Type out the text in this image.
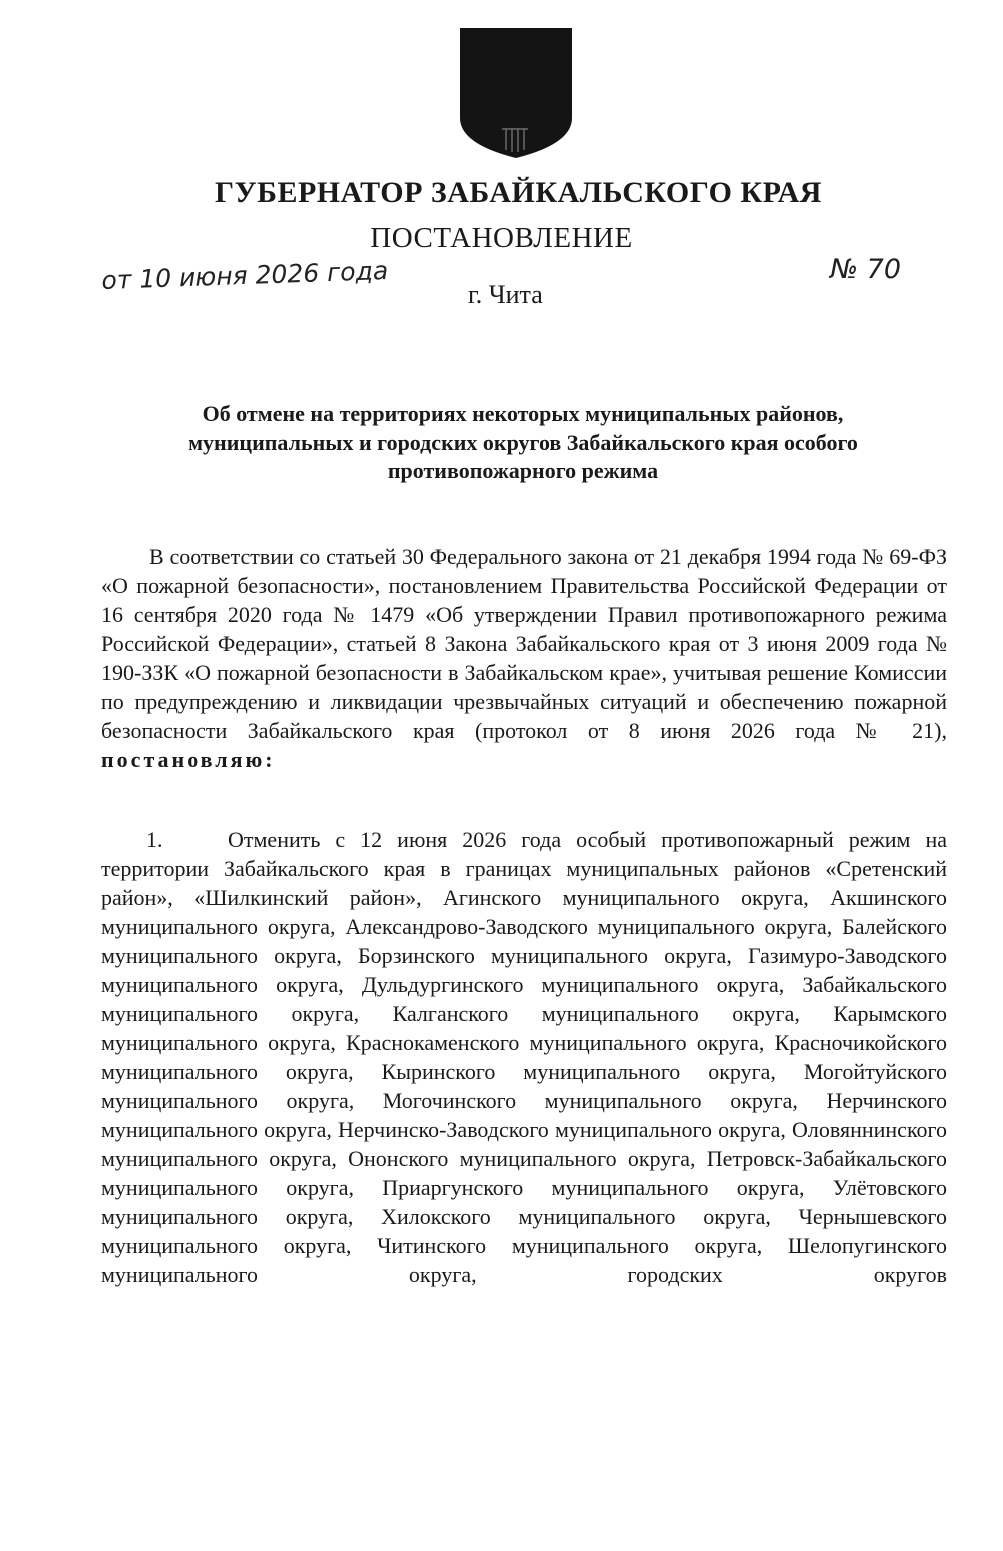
ГУБЕРНАТОР ЗАБАЙКАЛЬСКОГО КРАЯ
ПОСТАНОВЛЕНИЕ
от 10 июня 2026 года	г. Чита
№ 70
Об отмене на территориях некоторых муниципальных районов,
муниципальных и городских округов Забайкальского края особого
противопожарного режима
В соответствии со статьей 30 Федерального закона от 21 декабря 1994 года № 69-ФЗ «О пожарной безопасности», постановлением Правительства Российской Федерации от 16 сентября 2020 года № 1479 «Об утверждении Правил противопожарного режима Российской Федерации», статьей 8 Закона Забайкальского края от 3 июня 2009 года № 190-ЗЗК «О пожарной безопасности в Забайкальском крае», учитывая решение Комиссии по предупреждению и ликвидации чрезвычайных ситуаций и обеспечению пожарной безопасности Забайкальского края (протокол от 8 июня 2026 года № 21), постановляю:
1.	Отменить с 12 июня 2026 года особый противопожарный режим на территории Забайкальского края в границах муниципальных районов «Сретенский район», «Шилкинский район», Агинского муниципального округа, Акшинского муниципального округа, Александрово-Заводского муниципального округа, Балейского муниципального округа, Борзинского муниципального округа, Газимуро-Заводского муниципального округа, Дульдургинского муниципального округа, Забайкальского муниципального округа, Калганского муниципального округа, Карымского муниципального округа, Краснокаменского муниципального округа, Красночикойского муниципального округа, Кыринского муниципального округа, Могойтуйского муниципального округа, Могочинского муниципального округа, Нерчинского муниципального округа, Нерчинско-Заводского муниципального округа, Оловяннинского муниципального округа, Ононского муниципального округа, Петровск-Забайкальского муниципального округа, Приаргунского муниципального округа, Улётовского муниципального округа, Хилокского муниципального округа, Чернышевского муниципального округа, Читинского муниципального округа, Шелопугинского муниципального округа, городских округов
